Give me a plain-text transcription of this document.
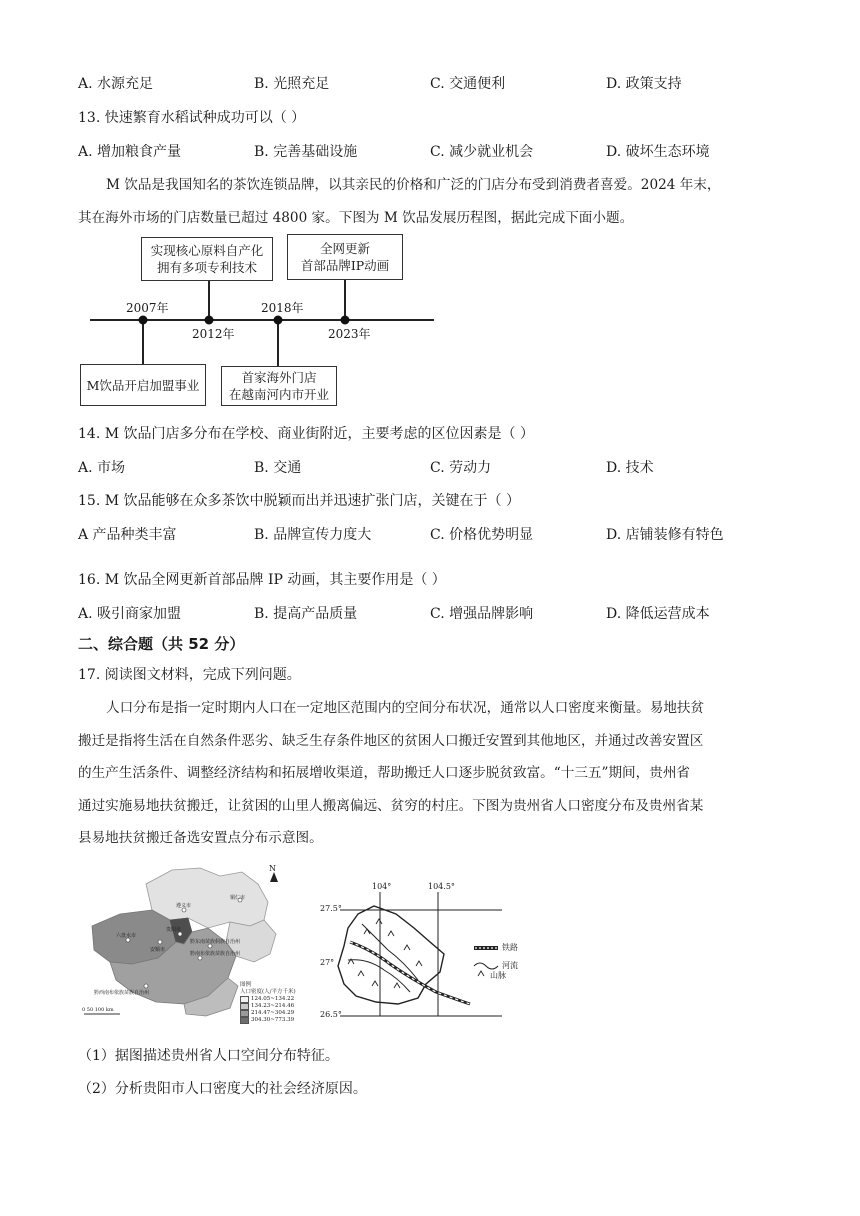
A. 水源充足	B. 光照充足	C. 交通便利	D. 政策支持
13. 快速繁育水稻试种成功可以（ ）
A. 增加粮食产量	B. 完善基础设施	C. 减少就业机会	D. 破坏生态环境
M 饮品是我国知名的茶饮连锁品牌，以其亲民的价格和广泛的门店分布受到消费者喜爱。2024 年末，
其在海外市场的门店数量已超过 4800 家。下图为 M 饮品发展历程图，据此完成下面小题。
实现核心原料自产化
拥有多项专利技术
全网更新
首部品牌IP动画
M饮品开启加盟事业	首家海外门店
在越南河内市开业
2007年
2012年
2018年
2023年
14. M 饮品门店多分布在学校、商业街附近，主要考虑的区位因素是（ ）
A. 市场	B. 交通	C. 劳动力	D. 技术
15. M 饮品能够在众多茶饮中脱颖而出并迅速扩张门店，关键在于（ ）
A 产品种类丰富	B. 品牌宣传力度大	C. 价格优势明显	D. 店铺装修有特色
16. M 饮品全网更新首部品牌 IP 动画，其主要作用是（ ）
A. 吸引商家加盟	B. 提高产品质量	C. 增强品牌影响	D. 降低运营成本
二、综合题（共 52 分）
17. 阅读图文材料，完成下列问题。
人口分布是指一定时期内人口在一定地区范围内的空间分布状况，通常以人口密度来衡量。易地扶贫
搬迁是指将生活在自然条件恶劣、缺乏生存条件地区的贫困人口搬迁安置到其他地区，并通过改善安置区
的生产生活条件、调整经济结构和拓展增收渠道，帮助搬迁人口逐步脱贫致富。“十三五”期间，贵州省
通过实施易地扶贫搬迁，让贫困的山里人搬离偏远、贫穷的村庄。下图为贵州省人口密度分布及贵州省某
县易地扶贫搬迁备选安置点分布示意图。
N
遵义市
贵阳市
安顺市
六盘水市
黔东南苗族侗族自治州
黔南布依族苗族自治州
黔西南布依族苗族自治州
铜仁市
0 50 100 km
图例
人口密度(人/平方千米)
124.05~134.22
134.23~214.46
214.47~304.29
304.30~773.39
104°	104.5°
27.5°
27°
26.5°
铁路
河流
山脉
（1）据图描述贵州省人口空间分布特征。
（2）分析贵阳市人口密度大的社会经济原因。
